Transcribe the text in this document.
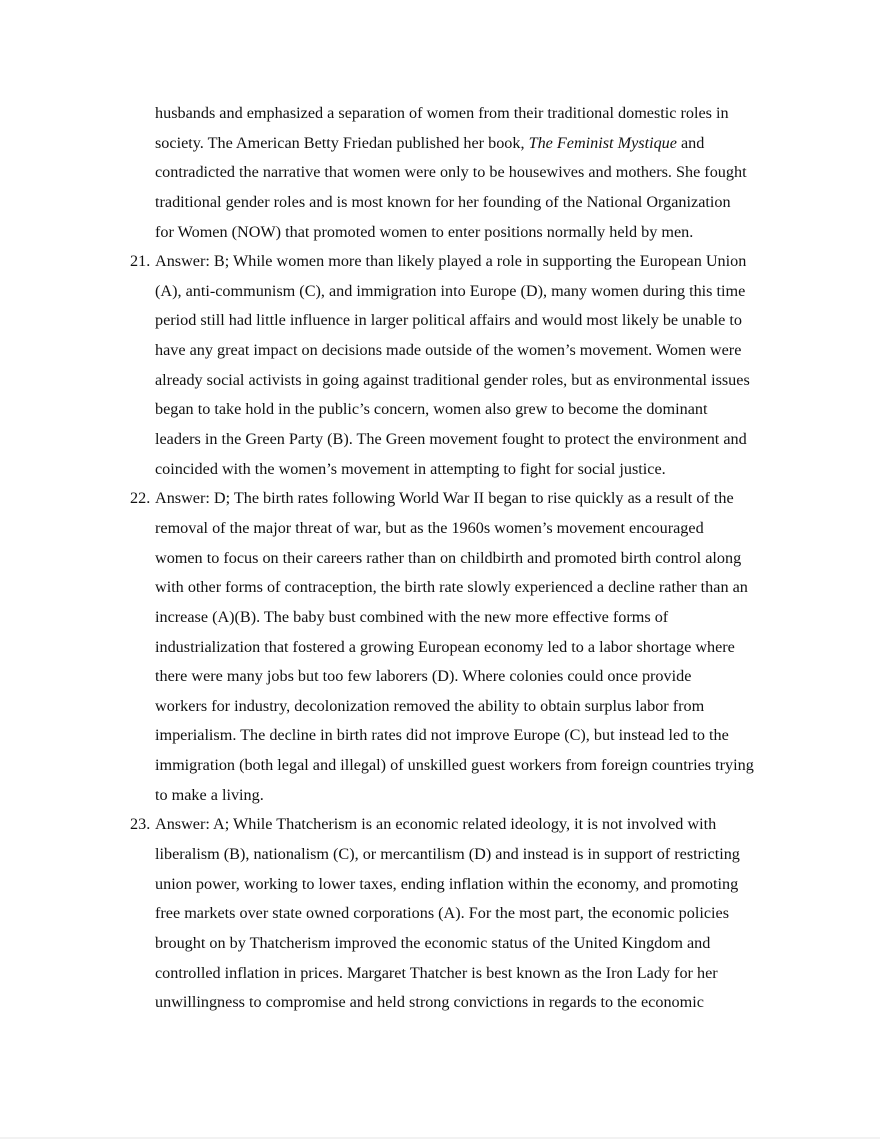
husbands and emphasized a separation of women from their traditional domestic roles in
society. The American Betty Friedan published her book, The Feminist Mystique and
contradicted the narrative that women were only to be housewives and mothers. She fought
traditional gender roles and is most known for her founding of the National Organization
for Women (NOW) that promoted women to enter positions normally held by men.
21. Answer: B; While women more than likely played a role in supporting the European Union
(A), anti-communism (C), and immigration into Europe (D), many women during this time
period still had little influence in larger political affairs and would most likely be unable to
have any great impact on decisions made outside of the women’s movement. Women were
already social activists in going against traditional gender roles, but as environmental issues
began to take hold in the public’s concern, women also grew to become the dominant
leaders in the Green Party (B). The Green movement fought to protect the environment and
coincided with the women’s movement in attempting to fight for social justice.
22. Answer: D; The birth rates following World War II began to rise quickly as a result of the
removal of the major threat of war, but as the 1960s women’s movement encouraged
women to focus on their careers rather than on childbirth and promoted birth control along
with other forms of contraception, the birth rate slowly experienced a decline rather than an
increase (A)(B). The baby bust combined with the new more effective forms of
industrialization that fostered a growing European economy led to a labor shortage where
there were many jobs but too few laborers (D). Where colonies could once provide
workers for industry, decolonization removed the ability to obtain surplus labor from
imperialism. The decline in birth rates did not improve Europe (C), but instead led to the
immigration (both legal and illegal) of unskilled guest workers from foreign countries trying
to make a living.
23. Answer: A; While Thatcherism is an economic related ideology, it is not involved with
liberalism (B), nationalism (C), or mercantilism (D) and instead is in support of restricting
union power, working to lower taxes, ending inflation within the economy, and promoting
free markets over state owned corporations (A). For the most part, the economic policies
brought on by Thatcherism improved the economic status of the United Kingdom and
controlled inflation in prices. Margaret Thatcher is best known as the Iron Lady for her
unwillingness to compromise and held strong convictions in regards to the economic
